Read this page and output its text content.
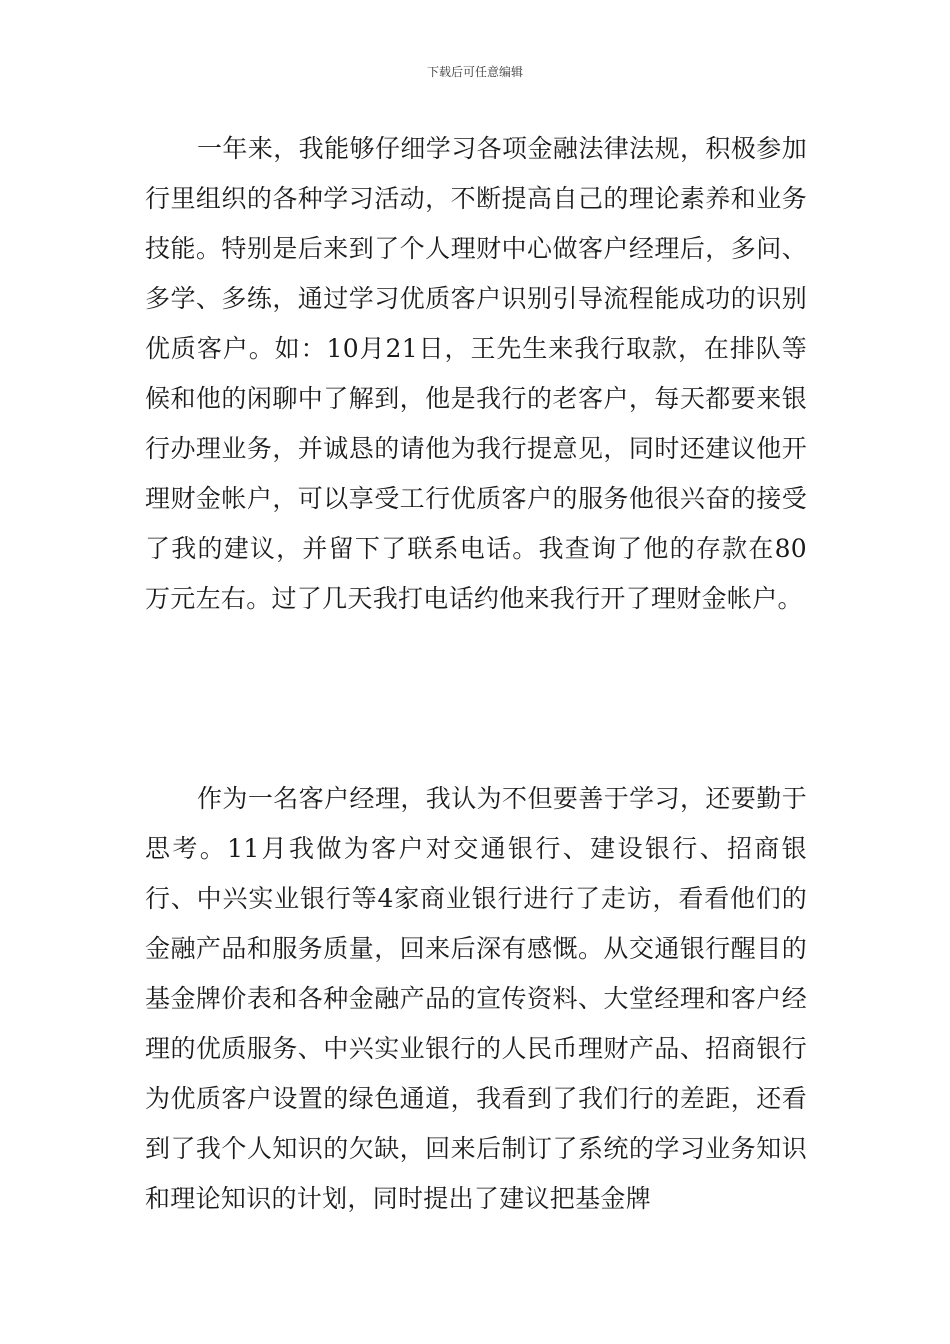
下载后可任意编辑

一年来，我能够仔细学习各项金融法律法规，积极参加行里组织的各种学习活动，不断提高自己的理论素养和业务技能。特别是后来到了个人理财中心做客户经理后，多问、多学、多练，通过学习优质客户识别引导流程能成功的识别优质客户。如：10月21日，王先生来我行取款，在排队等候和他的闲聊中了解到，他是我行的老客户，每天都要来银行办理业务，并诚恳的请他为我行提意见，同时还建议他开理财金帐户，可以享受工行优质客户的服务他很兴奋的接受了我的建议，并留下了联系电话。我查询了他的存款在80万元左右。过了几天我打电话约他来我行开了理财金帐户。

作为一名客户经理，我认为不但要善于学习，还要勤于思考。11月我做为客户对交通银行、建设银行、招商银行、中兴实业银行等4家商业银行进行了走访，看看他们的金融产品和服务质量，回来后深有感慨。从交通银行醒目的基金牌价表和各种金融产品的宣传资料、大堂经理和客户经理的优质服务、中兴实业银行的人民币理财产品、招商银行为优质客户设置的绿色通道，我看到了我们行的差距，还看到了我个人知识的欠缺，回来后制订了系统的学习业务知识和理论知识的计划，同时提出了建议把基金牌
